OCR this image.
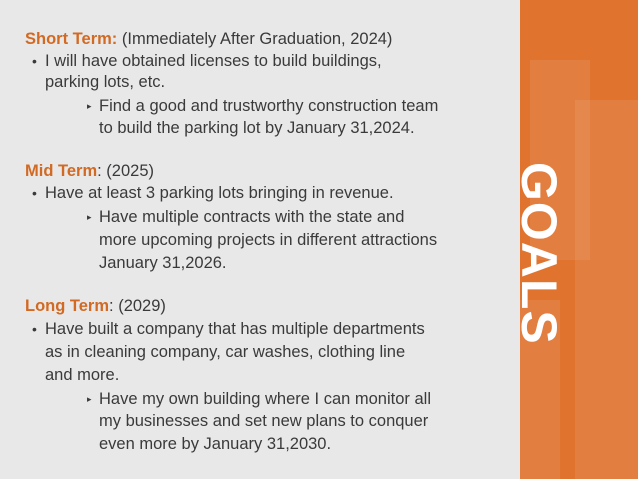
Short Term: (Immediately After Graduation, 2024)
• I will have obtained licenses to build buildings,
parking lots, etc.
▸ Find a good and trustworthy construction team
to build the parking lot by January 31,2024.
Mid Term: (2025)
• Have at least 3 parking lots bringing in revenue.
▸ Have multiple contracts with the state and
more upcoming projects in different attractions
January 31,2026.
Long Term: (2029)
• Have built a company that has multiple departments
as in cleaning company, car washes, clothing line
and more.
▸ Have my own building where I can monitor all
my businesses and set new plans to conquer
even more by January 31,2030.
GOALS
